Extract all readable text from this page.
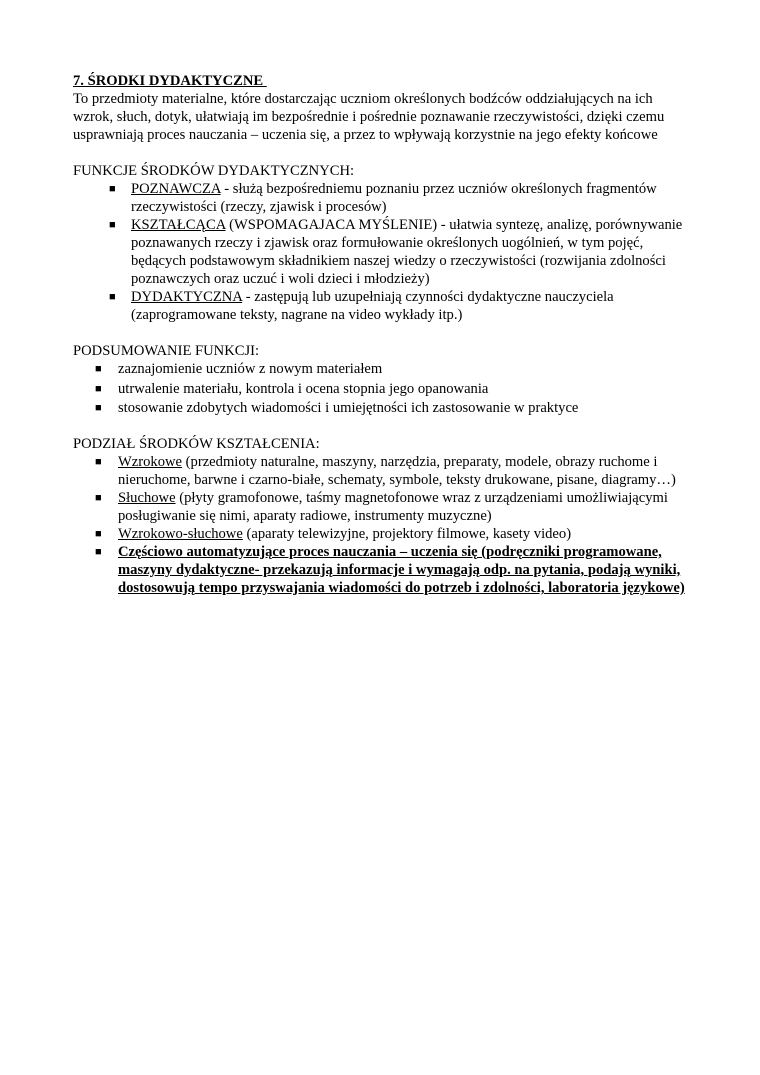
7. ŚRODKI DYDAKTYCZNE

To przedmioty materialne, które dostarczając uczniom określonych bodźców oddziałujących na ich wzrok, słuch, dotyk, ułatwiają im bezpośrednie i pośrednie poznawanie rzeczywistości, dzięki czemu usprawniają proces nauczania – uczenia się, a przez to wpływają korzystnie na jego efekty końcowe

FUNKCJE ŚRODKÓW DYDAKTYCZNYCH:
■ POZNAWCZA - służą bezpośredniemu poznaniu przez uczniów określonych fragmentów rzeczywistości (rzeczy, zjawisk i procesów)
■ KSZTAŁCĄCA (WSPOMAGAJACA MYŚLENIE) - ułatwia syntezę, analizę, porównywanie poznawanych rzeczy i zjawisk oraz formułowanie określonych uogólnień, w tym pojęć, będących podstawowym składnikiem naszej wiedzy o rzeczywistości (rozwijania zdolności poznawczych oraz uczuć i woli dzieci i młodzieży)
■ DYDAKTYCZNA - zastępują lub uzupełniają czynności dydaktyczne nauczyciela (zaprogramowane teksty, nagrane na video wykłady itp.)
PODSUMOWANIE FUNKCJI:
■ zaznajomienie uczniów z nowym materiałem
■ utrwalenie materiału, kontrola i ocena stopnia jego opanowania
■ stosowanie zdobytych wiadomości i umiejętności ich zastosowanie w praktyce
PODZIAŁ ŚRODKÓW KSZTAŁCENIA:
■ Wzrokowe (przedmioty naturalne, maszyny, narzędzia, preparaty, modele, obrazy ruchome i nieruchome, barwne i czarno-białe, schematy, symbole, teksty drukowane, pisane, diagramy…)
■ Słuchowe (płyty gramofonowe, taśmy magnetofonowe wraz z urządzeniami umożliwiającymi posługiwanie się nimi, aparaty radiowe, instrumenty muzyczne)
■ Wzrokowo-słuchowe (aparaty telewizyjne, projektory filmowe, kasety video)
■ Częściowo automatyzujące proces nauczania – uczenia się (podręczniki programowane, maszyny dydaktyczne- przekazują informacje i wymagają odp. na pytania, podają wyniki, dostosowują tempo przyswajania wiadomości do potrzeb i zdolności, laboratoria językowe)
